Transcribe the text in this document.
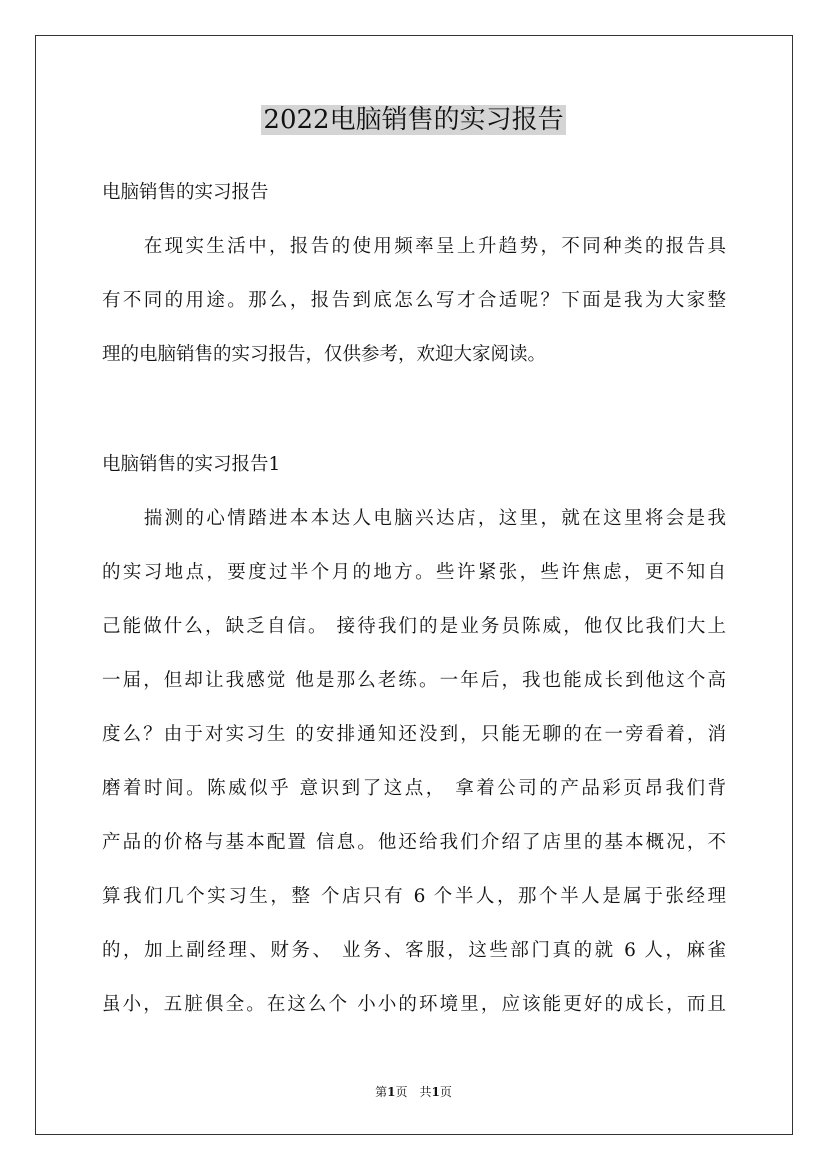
2022电脑销售的实习报告

电脑销售的实习报告

　　在现实生活中，报告的使用频率呈上升趋势，不同种类的报告具

有不同的用途。那么，报告到底怎么写才合适呢？下面是我为大家整

理的电脑销售的实习报告，仅供参考，欢迎大家阅读。

电脑销售的实习报告1

　　揣测的心情踏进本本达人电脑兴达店，这里，就在这里将会是我

的实习地点，要度过半个月的地方。些许紧张，些许焦虑，更不知自

己能做什么，缺乏自信。 接待我们的是业务员陈威，他仅比我们大上

一届，但却让我感觉 他是那么老练。一年后，我也能成长到他这个高

度么？由于对实习生 的安排通知还没到，只能无聊的在一旁看着，消

磨着时间。陈威似乎 意识到了这点， 拿着公司的产品彩页昂我们背

产品的价格与基本配置 信息。他还给我们介绍了店里的基本概况，不

算我们几个实习生，整 个店只有 6 个半人，那个半人是属于张经理

的，加上副经理、财务、 业务、客服，这些部门真的就 6 人，麻雀

虽小，五脏俱全。在这么个 小小的环境里，应该能更好的成长，而且

第1页　共1页
